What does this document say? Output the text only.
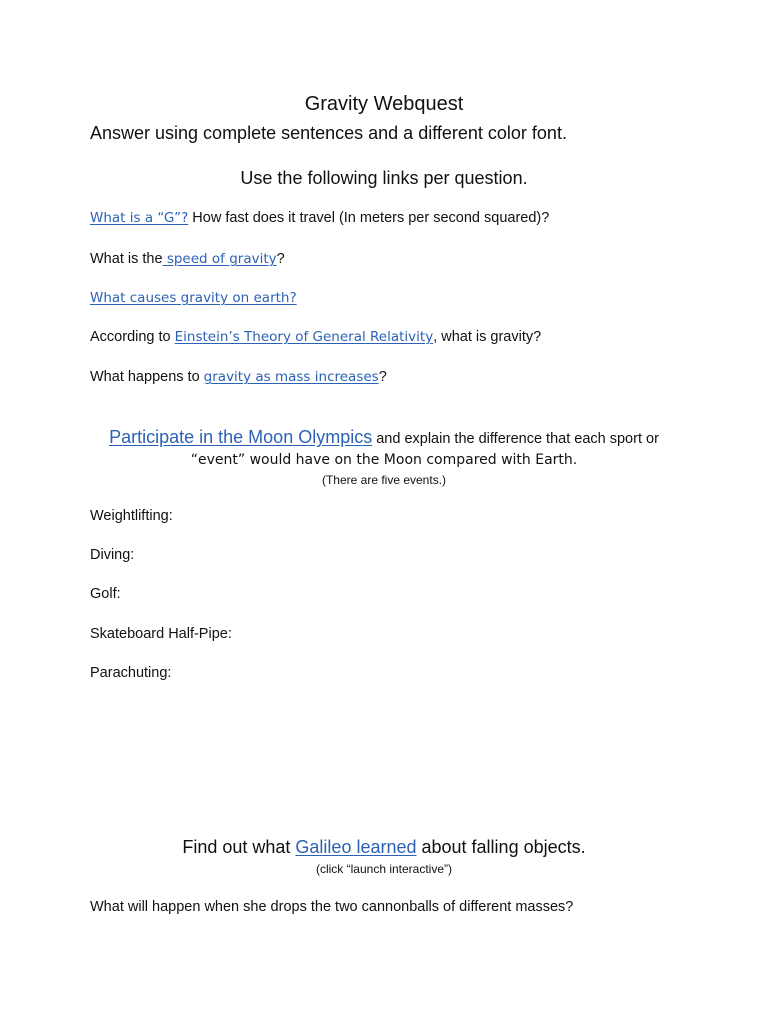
Gravity Webquest
Answer using complete sentences and a different color font.
Use the following links per question.
What is a “G”? How fast does it travel (In meters per second squared)?
What is the speed of gravity?
What causes gravity on earth?
According to Einstein’s Theory of General Relativity, what is gravity?
What happens to gravity as mass increases?
Participate in the Moon Olympics and explain the difference that each sport or
“event” would have on the Moon compared with Earth.
(There are five events.)
Weightlifting:
Diving:
Golf:
Skateboard Half-Pipe:
Parachuting:
Find out what Galileo learned about falling objects.
(click “launch interactive”)
What will happen when she drops the two cannonballs of different masses?
